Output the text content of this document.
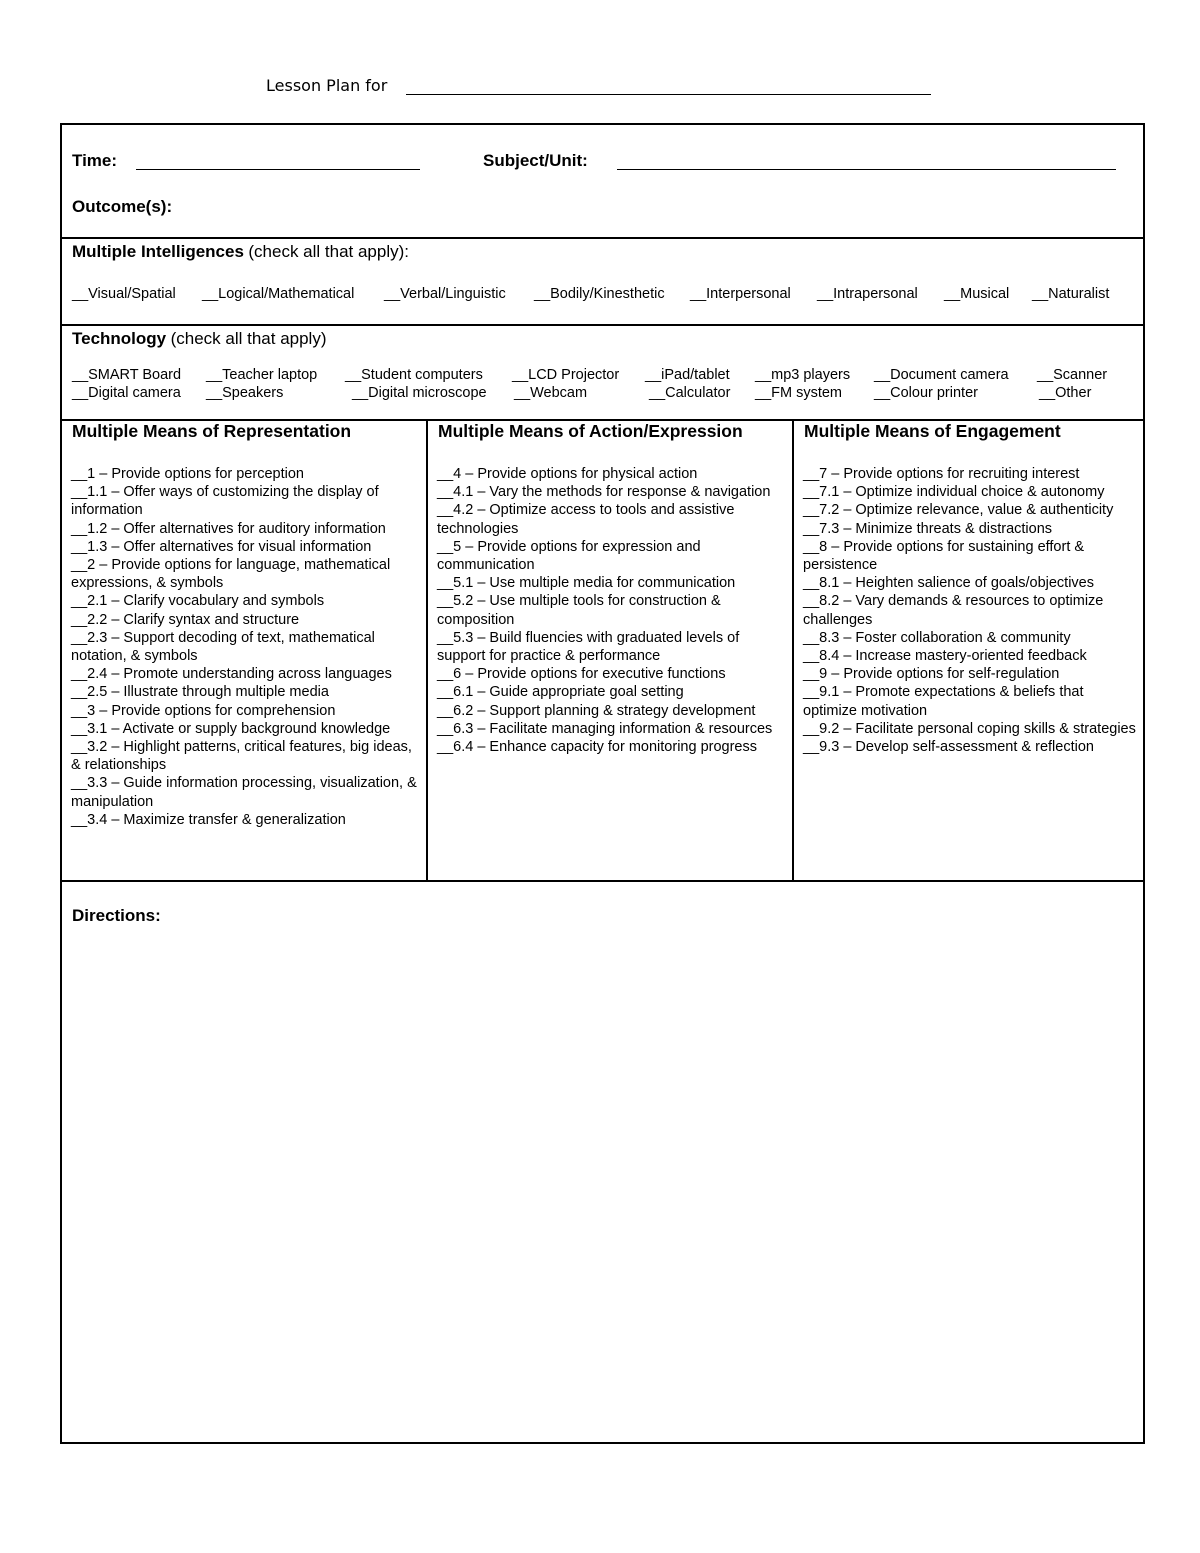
Lesson Plan for
Time:	Subject/Unit:
Outcome(s):
Multiple Intelligences (check all that apply):
__Visual/Spatial __Logical/Mathematical __Verbal/Linguistic __Bodily/Kinesthetic __Interpersonal __Intrapersonal __Musical __Naturalist
Technology (check all that apply)
__SMART Board __Teacher laptop __Student computers __LCD Projector __iPad/tablet __mp3 players __Document camera __Scanner
__Digital camera __Speakers	__Digital microscope __Webcam	__Calculator __FM system __Colour printer	__Other
Multiple Means of Representation
__1 – Provide options for perception
__1.1 – Offer ways of customizing the display of information
__1.2 – Offer alternatives for auditory information
__1.3 – Offer alternatives for visual information
__2 – Provide options for language, mathematical expressions, & symbols
__2.1 – Clarify vocabulary and symbols
__2.2 – Clarify syntax and structure
__2.3 – Support decoding of text, mathematical notation, & symbols
__2.4 – Promote understanding across languages
__2.5 – Illustrate through multiple media
__3 – Provide options for comprehension
__3.1 – Activate or supply background knowledge
__3.2 – Highlight patterns, critical features, big ideas, & relationships
__3.3 – Guide information processing, visualization, & manipulation
__3.4 – Maximize transfer & generalization
Multiple Means of Action/Expression
__4 – Provide options for physical action
__4.1 – Vary the methods for response & navigation
__4.2 – Optimize access to tools and assistive technologies
__5 – Provide options for expression and communication
__5.1 – Use multiple media for communication
__5.2 – Use multiple tools for construction & composition
__5.3 – Build fluencies with graduated levels of support for practice & performance
__6 – Provide options for executive functions
__6.1 – Guide appropriate goal setting
__6.2 – Support planning & strategy development
__6.3 – Facilitate managing information & resources
__6.4 – Enhance capacity for monitoring progress
Multiple Means of Engagement
__7 – Provide options for recruiting interest
__7.1 – Optimize individual choice & autonomy
__7.2 – Optimize relevance, value & authenticity
__7.3 – Minimize threats & distractions
__8 – Provide options for sustaining effort & persistence
__8.1 – Heighten salience of goals/objectives
__8.2 – Vary demands & resources to optimize challenges
__8.3 – Foster collaboration & community
__8.4 – Increase mastery-oriented feedback
__9 – Provide options for self-regulation
__9.1 – Promote expectations & beliefs that optimize motivation
__9.2 – Facilitate personal coping skills & strategies
__9.3 – Develop self-assessment & reflection
Directions:
